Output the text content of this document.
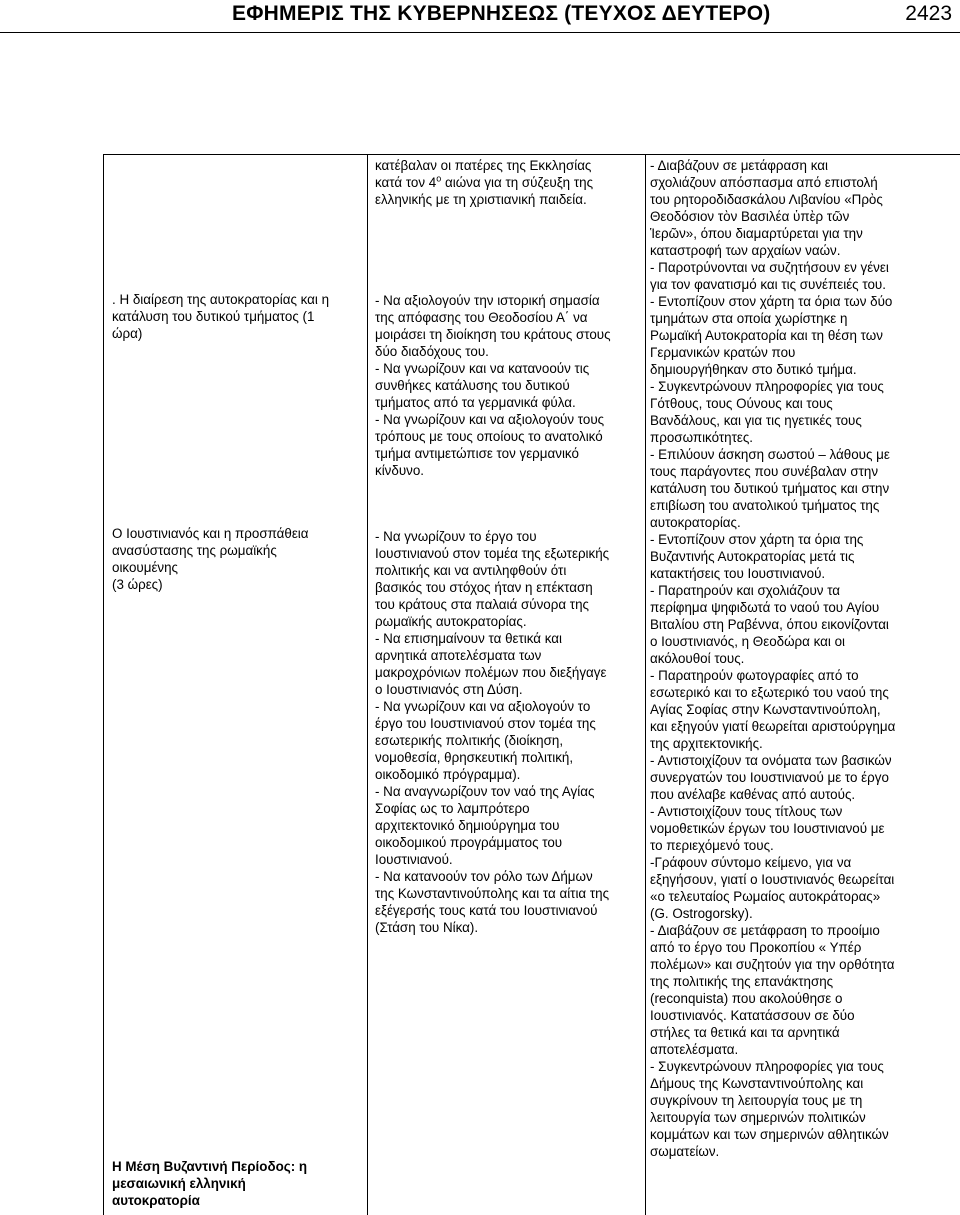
ΕΦΗΜΕΡΙΣ ΤΗΣ ΚΥΒΕΡΝΗΣΕΩΣ (ΤΕΥΧΟΣ ΔΕΥΤΕΡΟ)	2423
. Η διαίρεση της αυτοκρατορίας και η
κατάλυση του δυτικού τμήματος (1
ώρα)
Ο Ιουστινιανός και η προσπάθεια
ανασύστασης της ρωμαϊκής
οικουμένης
(3 ώρες)
Η Μέση Βυζαντινή Περίοδος: η
μεσαιωνική ελληνική
αυτοκρατορία
κατέβαλαν οι πατέρες της Εκκλησίας
κατά τον $4^o$ αιώνα για τη σύζευξη της
ελληνικής με τη χριστιανική παιδεία.
- Να αξιολογούν την ιστορική σημασία
της απόφασης του Θεοδοσίου Α΄ να
μοιράσει τη διοίκηση του κράτους στους
δύο διαδόχους του.
- Να γνωρίζουν και να κατανοούν τις
συνθήκες κατάλυσης του δυτικού
τμήματος από τα γερμανικά φύλα.
- Να γνωρίζουν και να αξιολογούν τους
τρόπους με τους οποίους το ανατολικό
τμήμα αντιμετώπισε τον γερμανικό
κίνδυνο.
- Να γνωρίζουν το έργο του
Ιουστινιανού στον τομέα της εξωτερικής
πολιτικής και να αντιληφθούν ότι
βασικός του στόχος ήταν η επέκταση
του κράτους στα παλαιά σύνορα της
ρωμαϊκής αυτοκρατορίας.
- Να επισημαίνουν τα θετικά και
αρνητικά αποτελέσματα των
μακροχρόνιων πολέμων που διεξήγαγε
ο Ιουστινιανός στη Δύση.
- Να γνωρίζουν και να αξιολογούν το
έργο του Ιουστινιανού στον τομέα της
εσωτερικής πολιτικής (διοίκηση,
νομοθεσία, θρησκευτική πολιτική,
οικοδομικό πρόγραμμα).
- Να αναγνωρίζουν τον ναό της Αγίας
Σοφίας ως το λαμπρότερο
αρχιτεκτονικό δημιούργημα του
οικοδομικού προγράμματος του
Ιουστινιανού.
- Να κατανοούν τον ρόλο των Δήμων
της Κωνσταντινούπολης και τα αίτια της
εξέγερσής τους κατά του Ιουστινιανού
(Στάση του Νίκα).
- Διαβάζουν σε μετάφραση και
σχολιάζουν απόσπασμα από επιστολή
του ρητοροδιδασκάλου Λιβανίου «Πρὸς
Θεοδόσιον τὸν Βασιλέα ὑπὲρ τῶν
Ἱερῶν», όπου διαμαρτύρεται για την
καταστροφή των αρχαίων ναών.
- Παροτρύνονται να συζητήσουν εν γένει
για τον φανατισμό και τις συνέπειές του.
- Εντοπίζουν στον χάρτη τα όρια των δύο
τμημάτων στα οποία χωρίστηκε η
Ρωμαϊκή Αυτοκρατορία και τη θέση των
Γερμανικών κρατών που
δημιουργήθηκαν στο δυτικό τμήμα.
- Συγκεντρώνουν πληροφορίες για τους
Γότθους, τους Ούνους και τους
Βανδάλους, και για τις ηγετικές τους
προσωπικότητες.
- Επιλύουν άσκηση σωστού – λάθους με
τους παράγοντες που συνέβαλαν στην
κατάλυση του δυτικού τμήματος και στην
επιβίωση του ανατολικού τμήματος της
αυτοκρατορίας.
- Εντοπίζουν στον χάρτη τα όρια της
Βυζαντινής Αυτοκρατορίας μετά τις
κατακτήσεις του Ιουστινιανού.
- Παρατηρούν και σχολιάζουν τα
περίφημα ψηφιδωτά το ναού του Αγίου
Βιταλίου στη Ραβέννα, όπου εικονίζονται
ο Ιουστινιανός, η Θεοδώρα και οι
ακόλουθοί τους.
- Παρατηρούν φωτογραφίες από το
εσωτερικό και το εξωτερικό του ναού της
Αγίας Σοφίας στην Κωνσταντινούπολη,
και εξηγούν γιατί θεωρείται αριστούργημα
της αρχιτεκτονικής.
- Αντιστοιχίζουν τα ονόματα των βασικών
συνεργατών του Ιουστινιανού με το έργο
που ανέλαβε καθένας από αυτούς.
- Αντιστοιχίζουν τους τίτλους των
νομοθετικών έργων του Ιουστινιανού με
το περιεχόμενό τους.
-Γράφουν σύντομο κείμενο, για να
εξηγήσουν, γιατί ο Ιουστινιανός θεωρείται
«ο τελευταίος Ρωμαίος αυτοκράτορας»
(G. Ostrogorsky).
- Διαβάζουν σε μετάφραση το προοίμιο
από το έργο του Προκοπίου « Υπέρ
πολέμων» και συζητούν για την ορθότητα
της πολιτικής της επανάκτησης
(reconquista) που ακολούθησε ο
Ιουστινιανός. Κατατάσσουν σε δύο
στήλες τα θετικά και τα αρνητικά
αποτελέσματα.
- Συγκεντρώνουν πληροφορίες για τους
Δήμους της Κωνσταντινούπολης και
συγκρίνουν τη λειτουργία τους με τη
λειτουργία των σημερινών πολιτικών
κομμάτων και των σημερινών αθλητικών
σωματείων.
